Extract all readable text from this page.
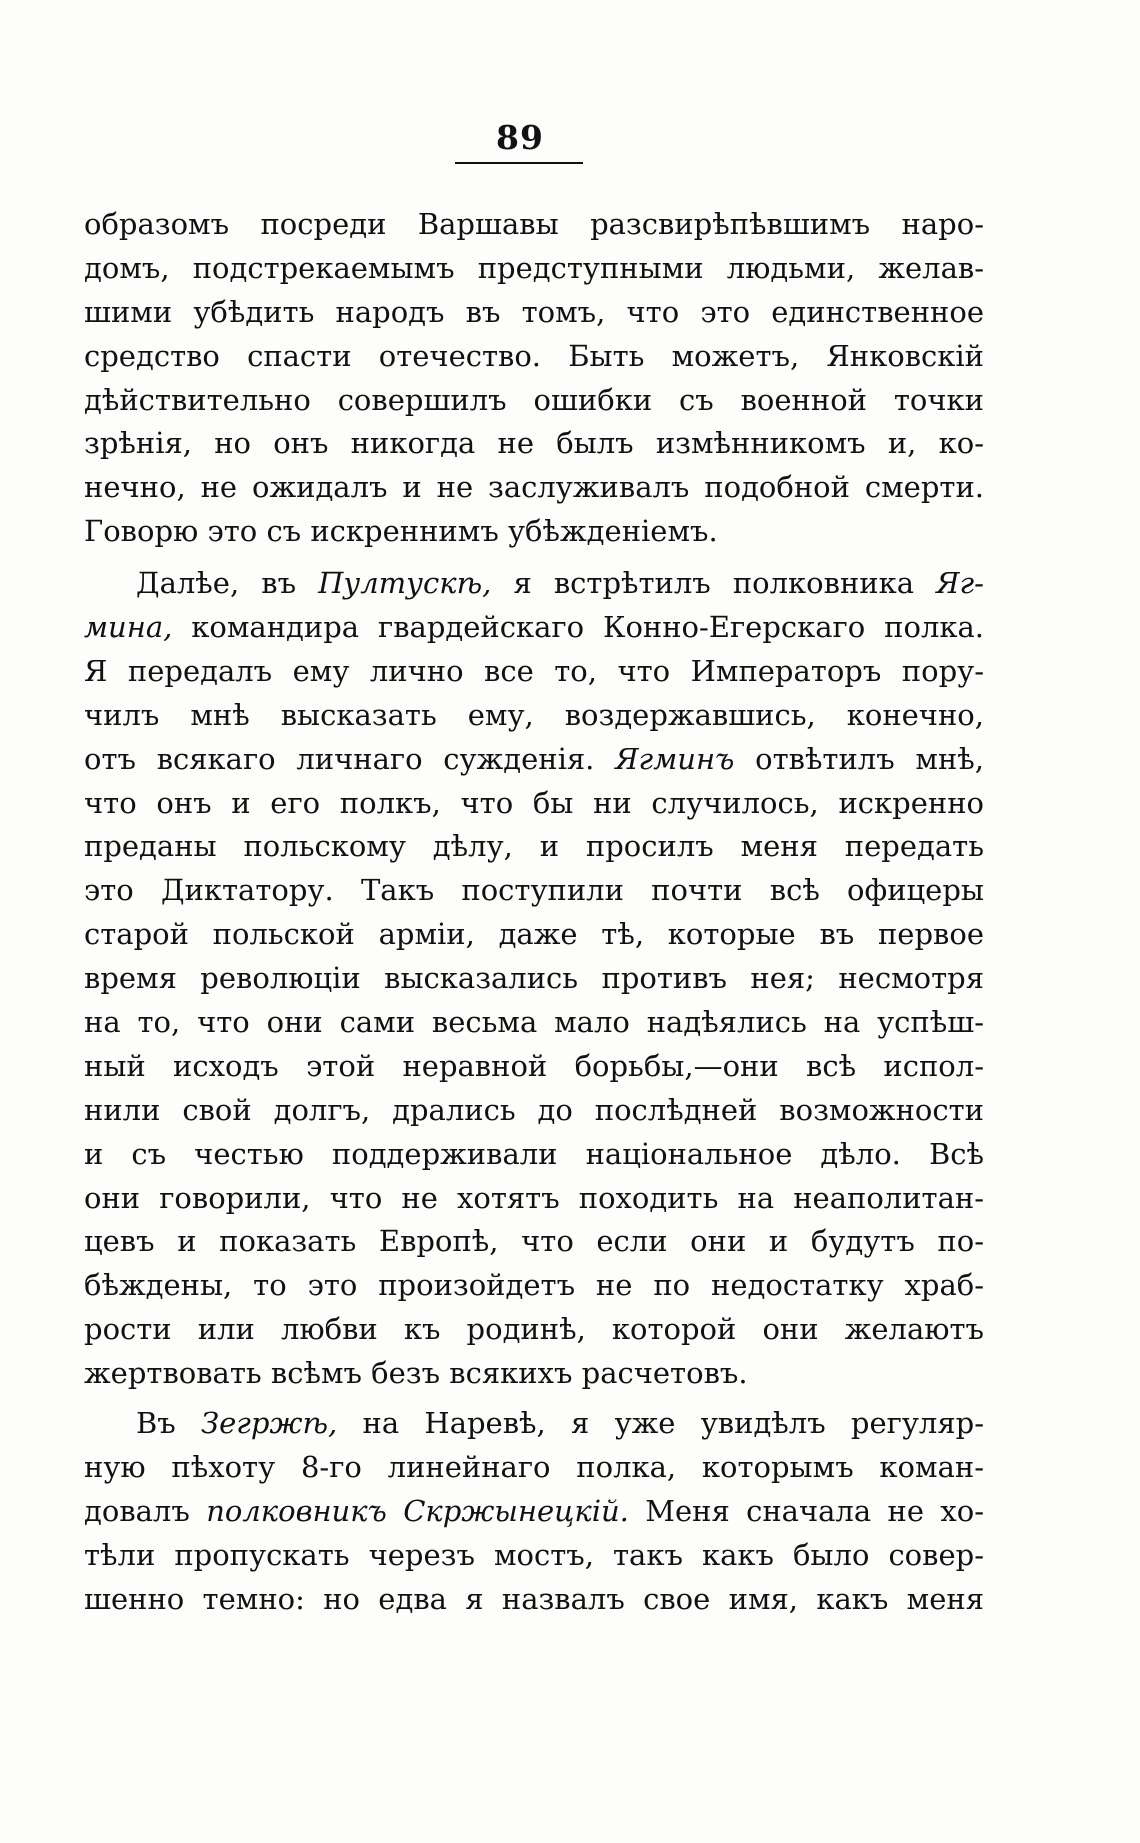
89
образомъ посреди Варшавы разсвирѣпѣвшимъ наро-
домъ, подстрекаемымъ предступными людьми, желав-
шими убѣдить народъ въ томъ, что это единственное
средство спасти отечество. Быть можетъ, Янковскій
дѣйствительно совершилъ ошибки съ военной точки
зрѣнія, но онъ никогда не былъ измѣнникомъ и, ко-
нечно, не ожидалъ и не заслуживалъ подобной смерти.
Говорю это съ искреннимъ убѣжденіемъ.
Далѣе, въ Пултускѣ, я встрѣтилъ полковника Яг-
мина, командира гвардейскаго Конно-Егерскаго полка.
Я передалъ ему лично все то, что Императоръ пору-
чилъ мнѣ высказать ему, воздержавшись, конечно,
отъ всякаго личнаго сужденія. Ягминъ отвѣтилъ мнѣ,
что онъ и его полкъ, что бы ни случилось, искренно
преданы польскому дѣлу, и просилъ меня передать
это Диктатору. Такъ поступили почти всѣ офицеры
старой польской арміи, даже тѣ, которые въ первое
время революціи высказались противъ нея; несмотря
на то, что они сами весьма мало надѣялись на успѣш-
ный исходъ этой неравной борьбы,—они всѣ испол-
нили свой долгъ, дрались до послѣдней возможности
и съ честью поддерживали національное дѣло. Всѣ
они говорили, что не хотятъ походить на неаполитан-
цевъ и показать Европѣ, что если они и будутъ по-
бѣждены, то это произойдетъ не по недостатку храб-
рости или любви къ родинѣ, которой они желаютъ
жертвовать всѣмъ безъ всякихъ расчетовъ.
Въ Зегржѣ, на Наревѣ, я уже увидѣлъ регуляр-
ную пѣхоту 8-го линейнаго полка, которымъ коман-
довалъ полковникъ Скржынецкій. Меня сначала не хо-
тѣли пропускать черезъ мостъ, такъ какъ было совер-
шенно темно: но едва я назвалъ свое имя, какъ меня
